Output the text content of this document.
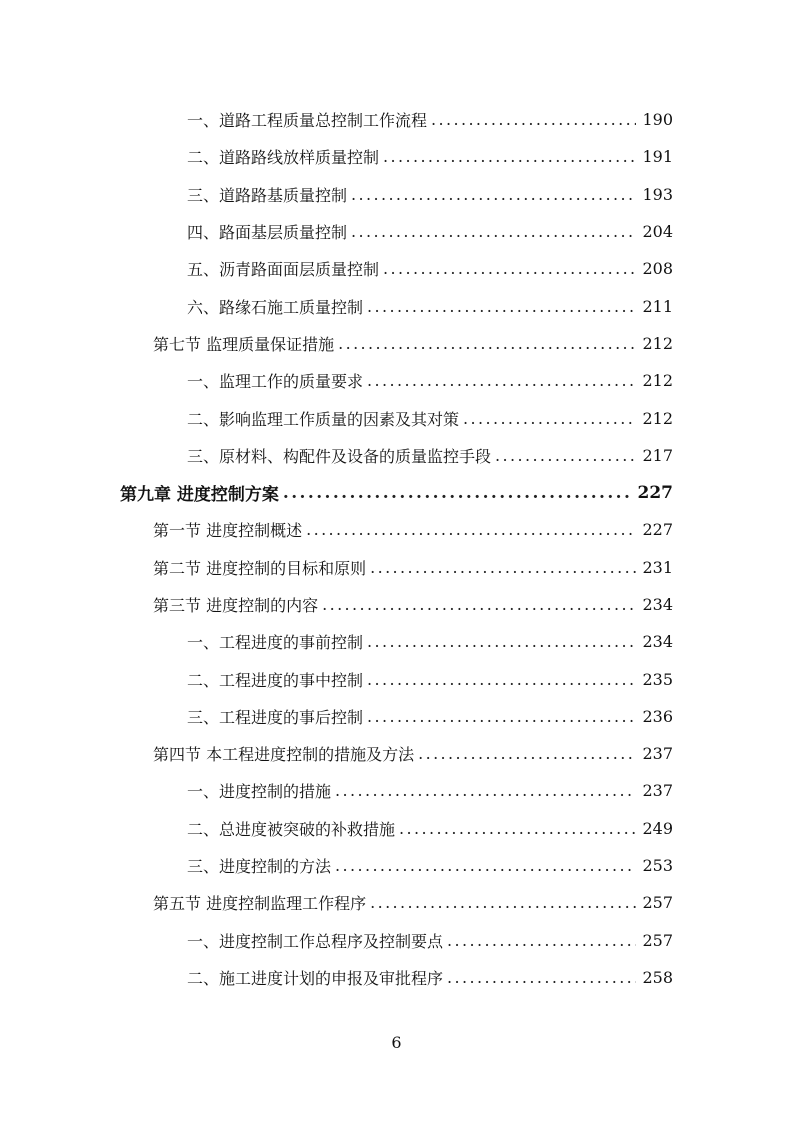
一、道路工程质量总控制工作流程 .....	190
二、道路路线放样质量控制 .....	191
三、道路路基质量控制 .....	193
四、路面基层质量控制 .....	204
五、沥青路面面层质量控制 .....	208
六、路缘石施工质量控制 .....	211
第七节 监理质量保证措施 .....	212
一、监理工作的质量要求 .....	212
二、影响监理工作质量的因素及其对策 .....	212
三、原材料、构配件及设备的质量监控手段 .....	217
第九章 进度控制方案 .....	227
第一节 进度控制概述 .....	227
第二节 进度控制的目标和原则 .....	231
第三节 进度控制的内容 .....	234
一、工程进度的事前控制 .....	234
二、工程进度的事中控制 .....	235
三、工程进度的事后控制 .....	236
第四节 本工程进度控制的措施及方法 .....	237
一、进度控制的措施 .....	237
二、总进度被突破的补救措施 .....	249
三、进度控制的方法 .....	253
第五节 进度控制监理工作程序 .....	257
一、进度控制工作总程序及控制要点 .....	257
二、施工进度计划的申报及审批程序 .....	258
6
